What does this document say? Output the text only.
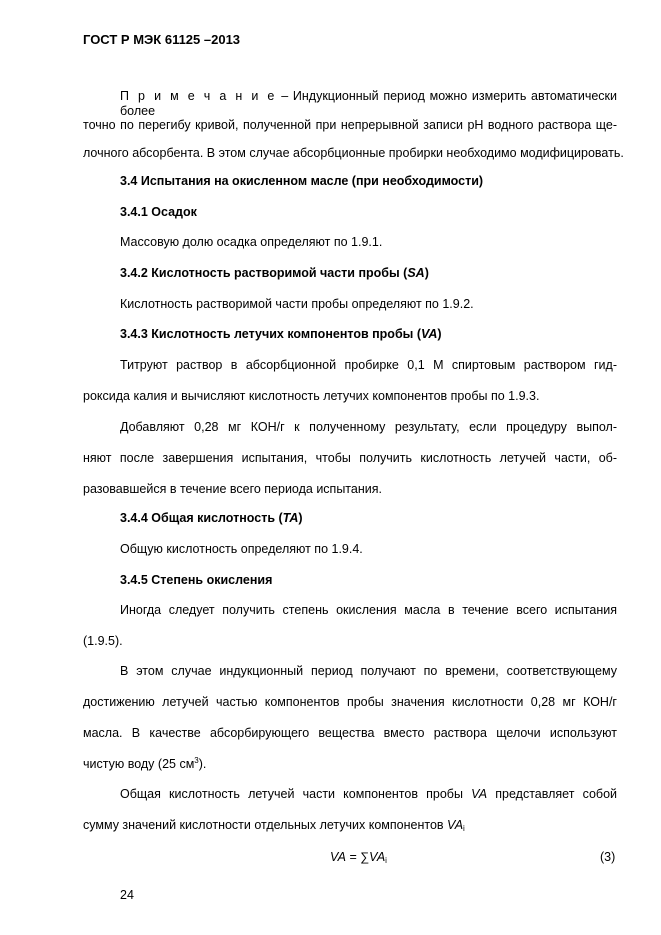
ГОСТ Р МЭК 61125 –2013
П р и м е ч а н и е – Индукционный период можно измерить автоматически более
точно по перегибу кривой, полученной при непрерывной записи pH водного раствора ще-
лочного абсорбента. В этом случае абсорбционные пробирки необходимо модифицировать.
3.4 Испытания на окисленном масле (при необходимости)
3.4.1 Осадок
Массовую долю осадка определяют по 1.9.1.
3.4.2 Кислотность растворимой части пробы (SA)
Кислотность растворимой части пробы определяют по 1.9.2.
3.4.3 Кислотность летучих компонентов пробы (VA)
Титруют раствор в абсорбционной пробирке 0,1 М спиртовым раствором гид-
роксида калия и вычисляют кислотность летучих компонентов пробы по 1.9.3.
Добавляют 0,28 мг КОН/г к полученному результату, если процедуру выпол-
няют после завершения испытания, чтобы получить кислотность летучей части, об-
разовавшейся в течение всего периода испытания.
3.4.4 Общая кислотность (TA)
Общую кислотность определяют по 1.9.4.
3.4.5 Степень окисления
Иногда следует получить степень окисления масла в течение всего испытания
(1.9.5).
В этом случае индукционный период получают по времени, соответствующему
достижению летучей частью компонентов пробы значения кислотности 0,28 мг КОН/г
масла. В качестве абсорбирующего вещества вместо раствора щелочи используют
чистую воду (25 $см^3$).
Общая кислотность летучей части компонентов пробы VA представляет собой
сумму значений кислотности отдельных летучих компонентов $VA_i$
VA = $\sum VA_i$	(3)
24
